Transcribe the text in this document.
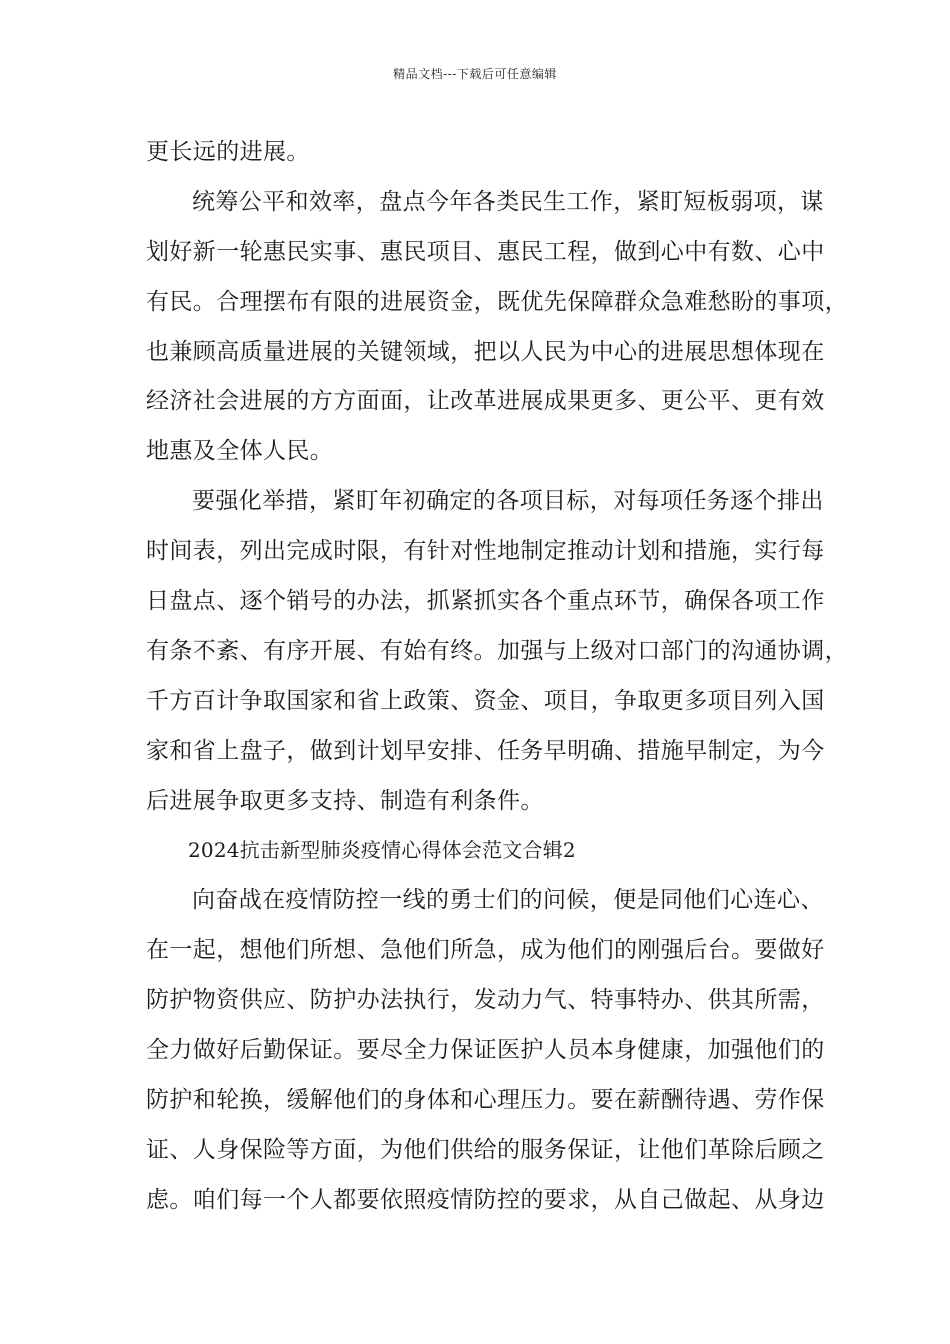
精品文档---下载后可任意编辑
更长远的进展。
统筹公平和效率，盘点今年各类民生工作，紧盯短板弱项，谋
划好新一轮惠民实事、惠民项目、惠民工程，做到心中有数、心中
有民。合理摆布有限的进展资金，既优先保障群众急难愁盼的事项，
也兼顾高质量进展的关键领域，把以人民为中心的进展思想体现在
经济社会进展的方方面面，让改革进展成果更多、更公平、更有效
地惠及全体人民。
要强化举措，紧盯年初确定的各项目标，对每项任务逐个排出
时间表，列出完成时限，有针对性地制定推动计划和措施，实行每
日盘点、逐个销号的办法，抓紧抓实各个重点环节，确保各项工作
有条不紊、有序开展、有始有终。加强与上级对口部门的沟通协调，
千方百计争取国家和省上政策、资金、项目，争取更多项目列入国
家和省上盘子，做到计划早安排、任务早明确、措施早制定，为今
后进展争取更多支持、制造有利条件。
2024抗击新型肺炎疫情心得体会范文合辑2
向奋战在疫情防控一线的勇士们的问候，便是同他们心连心、
在一起，想他们所想、急他们所急，成为他们的刚强后台。要做好
防护物资供应、防护办法执行，发动力气、特事特办、供其所需，
全力做好后勤保证。要尽全力保证医护人员本身健康，加强他们的
防护和轮换，缓解他们的身体和心理压力。要在薪酬待遇、劳作保
证、人身保险等方面，为他们供给的服务保证，让他们革除后顾之
虑。咱们每一个人都要依照疫情防控的要求，从自己做起、从身边
